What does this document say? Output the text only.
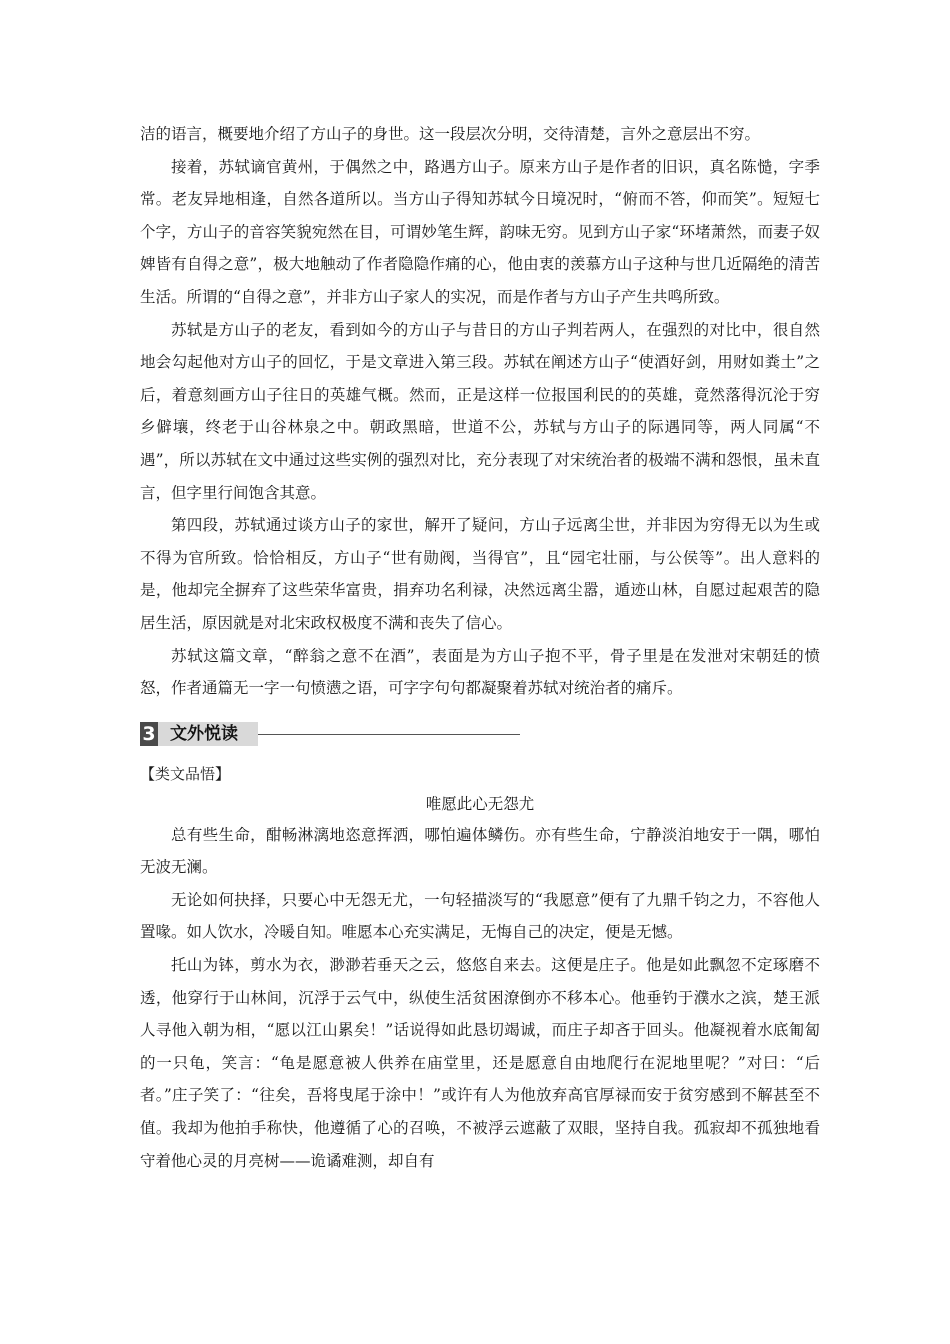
洁的语言，概要地介绍了方山子的身世。这一段层次分明，交待清楚，言外之意层出不穷。

接着，苏轼谪官黄州，于偶然之中，路遇方山子。原来方山子是作者的旧识，真名陈慥，字季常。老友异地相逢，自然各道所以。当方山子得知苏轼今日境况时，“俯而不答，仰而笑”。短短七个字，方山子的音容笑貌宛然在目，可谓妙笔生辉，韵味无穷。见到方山子家“环堵萧然，而妻子奴婢皆有自得之意”，极大地触动了作者隐隐作痛的心，他由衷的羡慕方山子这种与世几近隔绝的清苦生活。所谓的“自得之意”，并非方山子家人的实况，而是作者与方山子产生共鸣所致。

苏轼是方山子的老友，看到如今的方山子与昔日的方山子判若两人，在强烈的对比中，很自然地会勾起他对方山子的回忆，于是文章进入第三段。苏轼在阐述方山子“使酒好剑，用财如粪土”之后，着意刻画方山子往日的英雄气概。然而，正是这样一位报国利民的的英雄，竟然落得沉沦于穷乡僻壤，终老于山谷林泉之中。朝政黑暗，世道不公，苏轼与方山子的际遇同等，两人同属“不遇”，所以苏轼在文中通过这些实例的强烈对比，充分表现了对宋统治者的极端不满和怨恨，虽未直言，但字里行间饱含其意。

第四段，苏轼通过谈方山子的家世，解开了疑问，方山子远离尘世，并非因为穷得无以为生或不得为官所致。恰恰相反，方山子“世有勋阀，当得官”，且“园宅壮丽，与公侯等”。出人意料的是，他却完全摒弃了这些荣华富贵，捐弃功名利禄，决然远离尘嚣，遁迹山林，自愿过起艰苦的隐居生活，原因就是对北宋政权极度不满和丧失了信心。

苏轼这篇文章，“醉翁之意不在酒”，表面是为方山子抱不平，骨子里是在发泄对宋朝廷的愤怒，作者通篇无一字一句愤懑之语，可字字句句都凝聚着苏轼对统治者的痛斥。

3 文外悦读

【类文品悟】

唯愿此心无怨尤

总有些生命，酣畅淋漓地恣意挥洒，哪怕遍体鳞伤。亦有些生命，宁静淡泊地安于一隅，哪怕无波无澜。

无论如何抉择，只要心中无怨无尤，一句轻描淡写的“我愿意”便有了九鼎千钧之力，不容他人置喙。如人饮水，冷暖自知。唯愿本心充实满足，无悔自己的决定，便是无憾。

托山为钵，剪水为衣，渺渺若垂天之云，悠悠自来去。这便是庄子。他是如此飘忽不定琢磨不透，他穿行于山林间，沉浮于云气中，纵使生活贫困潦倒亦不移本心。他垂钓于濮水之滨，楚王派人寻他入朝为相，“愿以江山累矣！”话说得如此恳切竭诚，而庄子却吝于回头。他凝视着水底匍匐的一只龟，笑言：“龟是愿意被人供养在庙堂里，还是愿意自由地爬行在泥地里呢？”对曰：“后者。”庄子笑了：“往矣，吾将曳尾于涂中！”或许有人为他放弃高官厚禄而安于贫穷感到不解甚至不值。我却为他拍手称快，他遵循了心的召唤，不被浮云遮蔽了双眼，坚持自我。孤寂却不孤独地看守着他心灵的月亮树——诡谲难测，却自有
